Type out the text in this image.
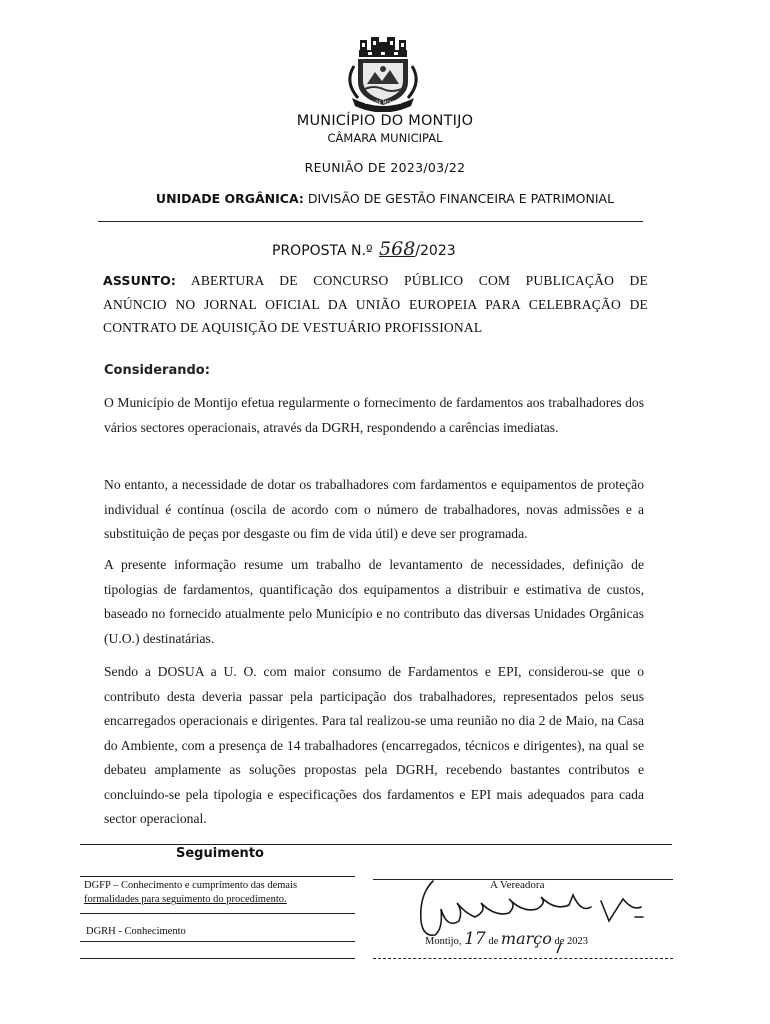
VILA DE MONTIJO
MUNICÍPIO DO MONTIJO
CÂMARA MUNICIPAL
REUNIÃO DE 2023/03/22
UNIDADE ORGÂNICA: DIVISÃO DE GESTÃO FINANCEIRA E PATRIMONIAL
PROPOSTA N.º 568/2023
ASSUNTO: ABERTURA DE CONCURSO PÚBLICO COM PUBLICAÇÃO DE
ANÚNCIO NO JORNAL OFICIAL DA UNIÃO EUROPEIA PARA CELEBRAÇÃO DE
CONTRATO DE AQUISIÇÃO DE VESTUÁRIO PROFISSIONAL
Considerando:
O Município de Montijo efetua regularmente o fornecimento de fardamentos aos trabalhadores dos vários sectores operacionais, através da DGRH, respondendo a carências imediatas.
No entanto, a necessidade de dotar os trabalhadores com fardamentos e equipamentos de proteção individual é contínua (oscila de acordo com o número de trabalhadores, novas admissões e a substituição de peças por desgaste ou fim de vida útil) e deve ser programada.
A presente informação resume um trabalho de levantamento de necessidades, definição de tipologias de fardamentos, quantificação dos equipamentos a distribuir e estimativa de custos, baseado no fornecido atualmente pelo Município e no contributo das diversas Unidades Orgânicas (U.O.) destinatárias.
Sendo a DOSUA a U. O. com maior consumo de Fardamentos e EPI, considerou-se que o contributo desta deveria passar pela participação dos trabalhadores, representados pelos seus encarregados operacionais e dirigentes. Para tal realizou-se uma reunião no dia 2 de Maio, na Casa do Ambiente, com a presença de 14 trabalhadores (encarregados, técnicos e dirigentes), na qual se debateu amplamente as soluções propostas pela DGRH, recebendo bastantes contributos e concluindo-se pela tipologia e especificações dos fardamentos e EPI mais adequados para cada sector operacional.
Seguimento
DGFP – Conhecimento e cumprimento das demais
formalidades para seguimento do procedimento.
DGRH - Conhecimento
A Vereadora
Montijo, 17 de março de 2023
